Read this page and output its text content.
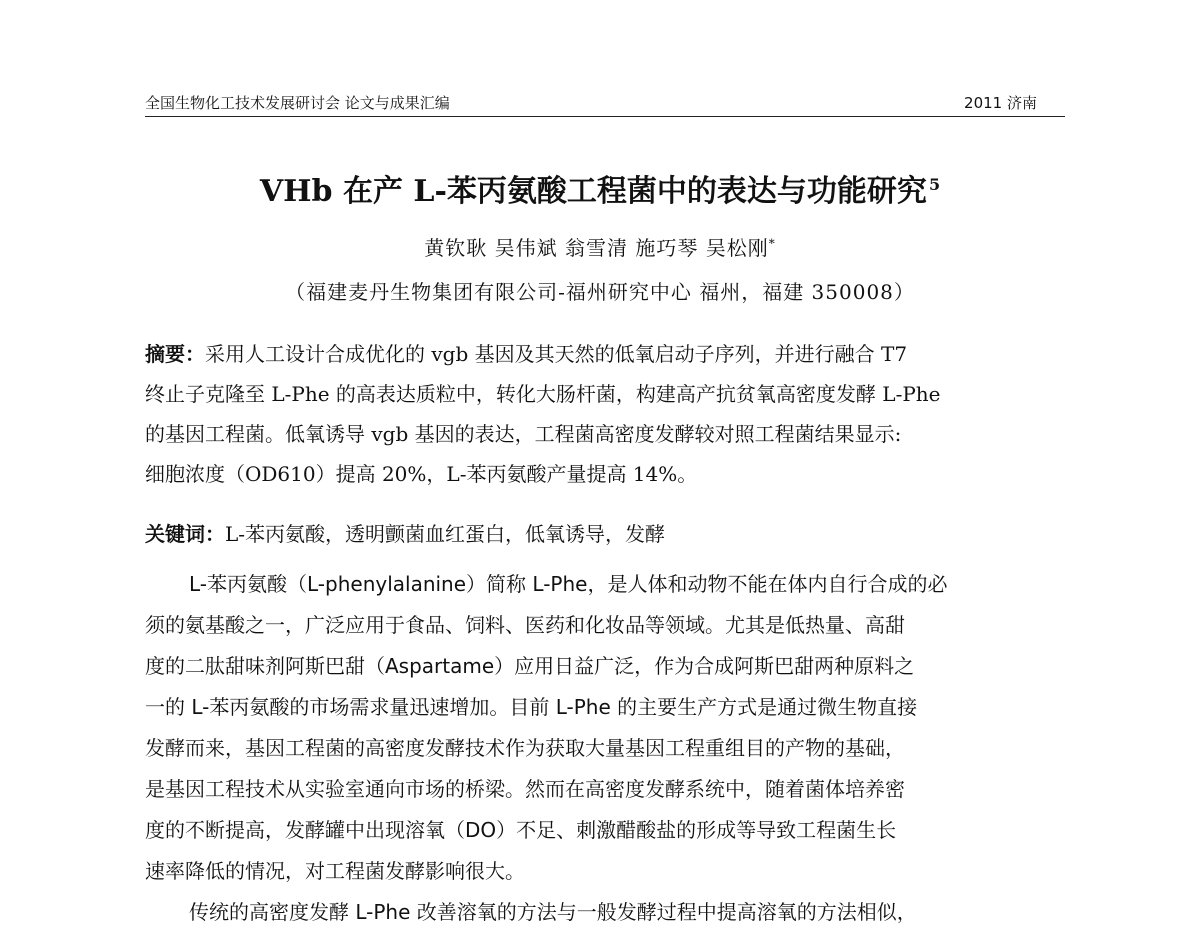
全国生物化工技术发展研讨会 论文与成果汇编	2011 济南
VHb 在产 L-苯丙氨酸工程菌中的表达与功能研究 $^5$
黄钦耿 吴伟斌 翁雪清 施巧琴 吴松刚*
（福建麦丹生物集团有限公司-福州研究中心 福州，福建 350008）
摘要：采用人工设计合成优化的 vgb 基因及其天然的低氧启动子序列，并进行融合 T7
终止子克隆至 L-Phe 的高表达质粒中，转化大肠杆菌，构建高产抗贫氧高密度发酵 L-Phe
的基因工程菌。低氧诱导 vgb 基因的表达，工程菌高密度发酵较对照工程菌结果显示:
细胞浓度（OD610）提高 20%，L-苯丙氨酸产量提高 14%。
关键词：L-苯丙氨酸，透明颤菌血红蛋白，低氧诱导，发酵
L-苯丙氨酸（L-phenylalanine）简称 L-Phe，是人体和动物不能在体内自行合成的必
须的氨基酸之一，广泛应用于食品、饲料、医药和化妆品等领域。尤其是低热量、高甜
度的二肽甜味剂阿斯巴甜（Aspartame）应用日益广泛，作为合成阿斯巴甜两种原料之
一的 L-苯丙氨酸的市场需求量迅速增加。目前 L-Phe 的主要生产方式是通过微生物直接
发酵而来，基因工程菌的高密度发酵技术作为获取大量基因工程重组目的产物的基础，
是基因工程技术从实验室通向市场的桥梁。然而在高密度发酵系统中，随着菌体培养密
度的不断提高，发酵罐中出现溶氧（DO）不足、刺激醋酸盐的形成等导致工程菌生长
速率降低的情况，对工程菌发酵影响很大。
传统的高密度发酵 L-Phe 改善溶氧的方法与一般发酵过程中提高溶氧的方法相似，
